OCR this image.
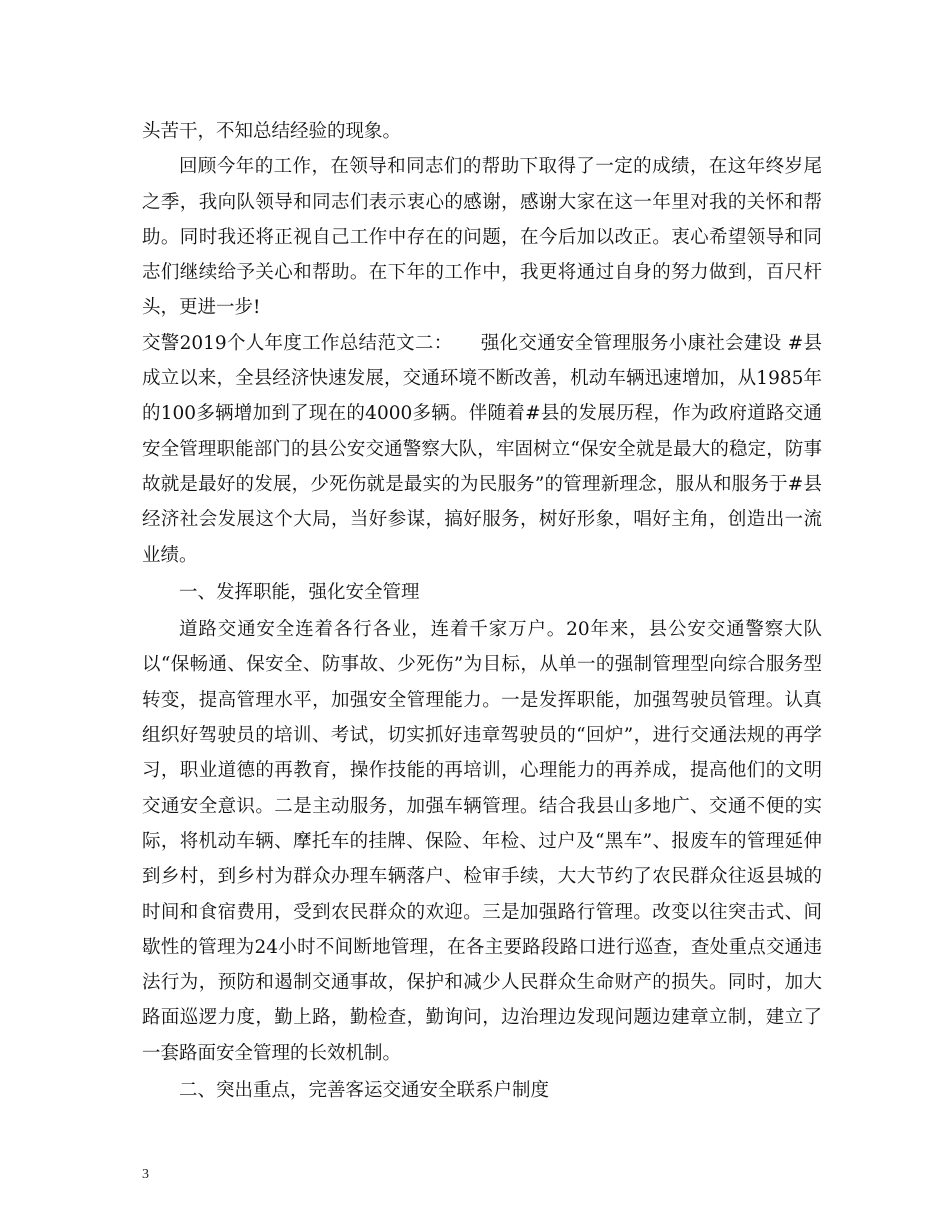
头苦干，不知总结经验的现象。

回顾今年的工作，在领导和同志们的帮助下取得了一定的成绩，在这年终岁尾之季，我向队领导和同志们表示衷心的感谢，感谢大家在这一年里对我的关怀和帮助。同时我还将正视自己工作中存在的问题，在今后加以改正。衷心希望领导和同志们继续给予关心和帮助。在下年的工作中，我更将通过自身的努力做到，百尺杆头，更进一步!

交警2019个人年度工作总结范文二：　　强化交通安全管理服务小康社会建设 #县成立以来，全县经济快速发展，交通环境不断改善，机动车辆迅速增加，从1985年的100多辆增加到了现在的4000多辆。伴随着#县的发展历程，作为政府道路交通安全管理职能部门的县公安交通警察大队，牢固树立“保安全就是最大的稳定，防事故就是最好的发展，少死伤就是最实的为民服务”的管理新理念，服从和服务于#县经济社会发展这个大局，当好参谋，搞好服务，树好形象，唱好主角，创造出一流业绩。

一、发挥职能，强化安全管理

道路交通安全连着各行各业，连着千家万户。20年来，县公安交通警察大队以“保畅通、保安全、防事故、少死伤”为目标，从单一的强制管理型向综合服务型转变，提高管理水平，加强安全管理能力。一是发挥职能，加强驾驶员管理。认真组织好驾驶员的培训、考试，切实抓好违章驾驶员的“回炉”，进行交通法规的再学习，职业道德的再教育，操作技能的再培训，心理能力的再养成，提高他们的文明交通安全意识。二是主动服务，加强车辆管理。结合我县山多地广、交通不便的实际，将机动车辆、摩托车的挂牌、保险、年检、过户及“黑车”、报废车的管理延伸到乡村，到乡村为群众办理车辆落户、检审手续，大大节约了农民群众往返县城的时间和食宿费用，受到农民群众的欢迎。三是加强路行管理。改变以往突击式、间歇性的管理为24小时不间断地管理，在各主要路段路口进行巡查，查处重点交通违法行为，预防和遏制交通事故，保护和减少人民群众生命财产的损失。同时，加大路面巡逻力度，勤上路，勤检查，勤询问，边治理边发现问题边建章立制，建立了一套路面安全管理的长效机制。

二、突出重点，完善客运交通安全联系户制度

3
